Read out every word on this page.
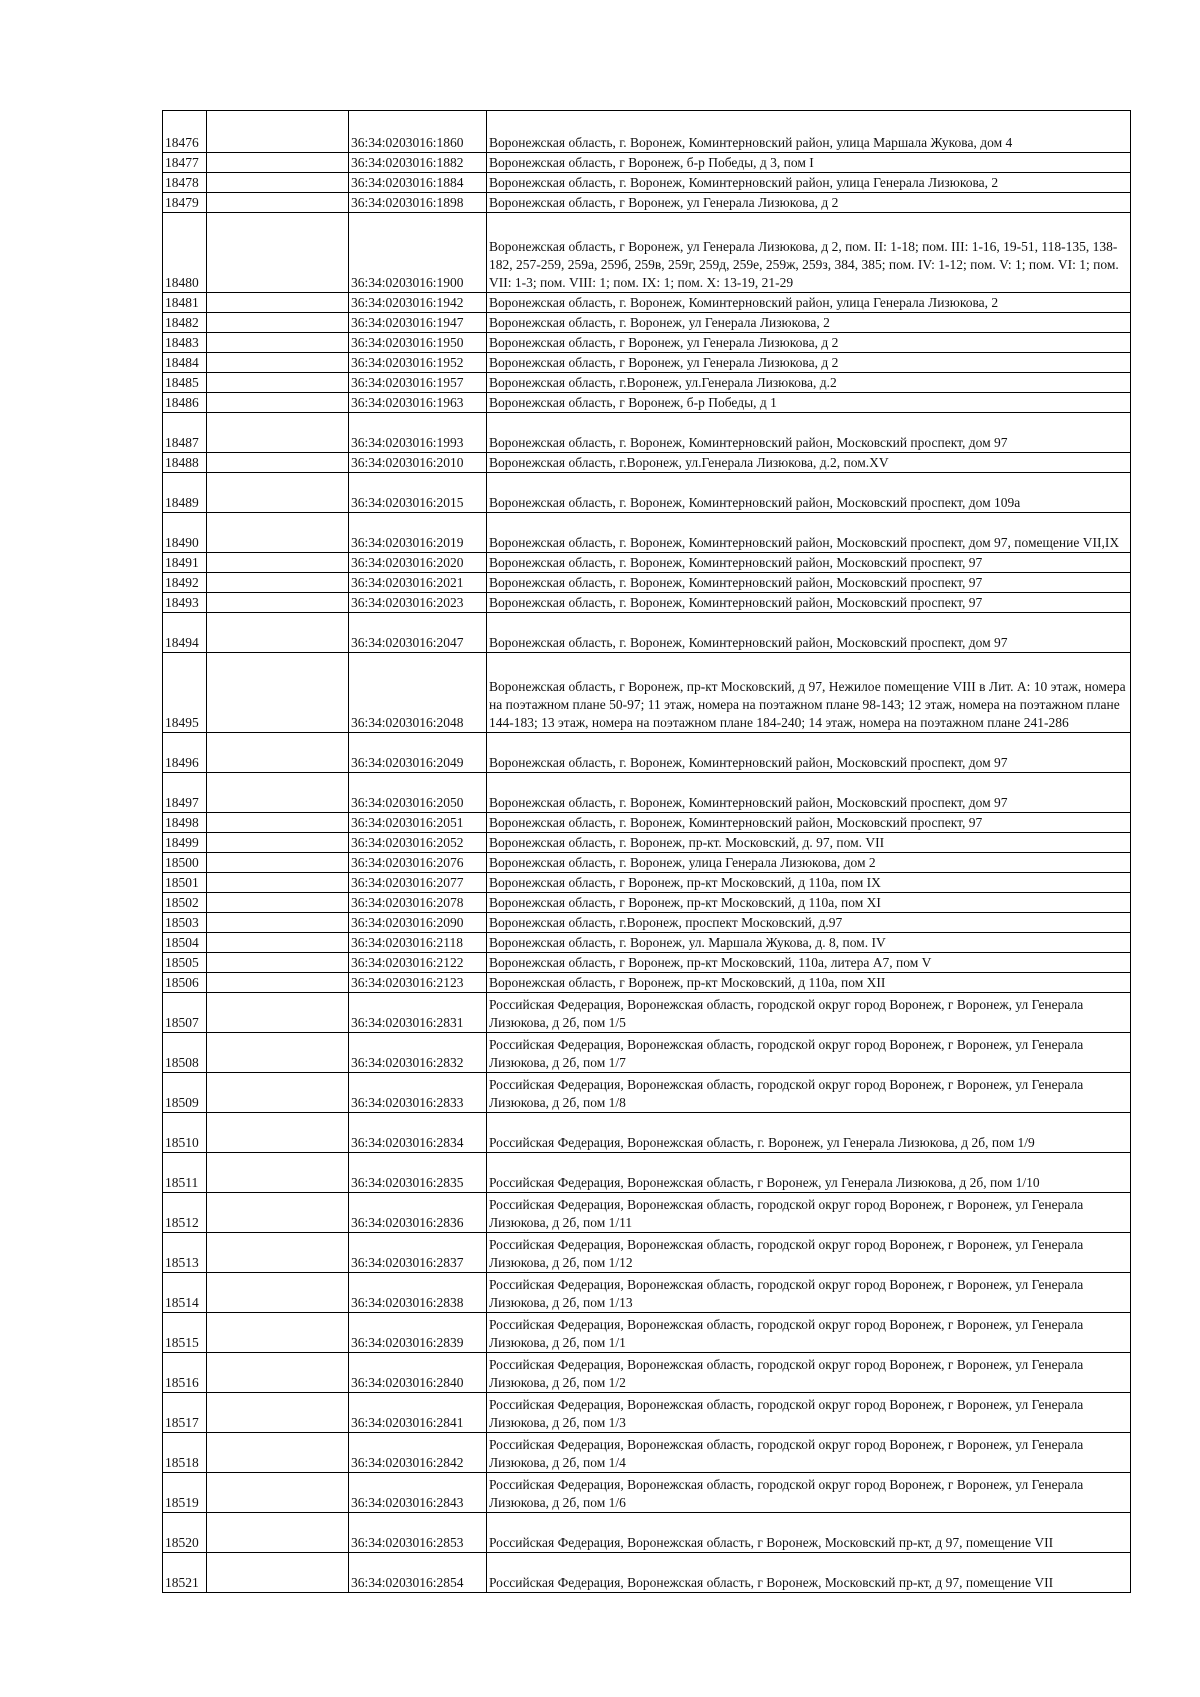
18476		36:34:0203016:1860	Воронежская область, г. Воронеж, Коминтерновский район, улица Маршала Жукова, дом 4
18477		36:34:0203016:1882	Воронежская область, г Воронеж, б-р Победы, д 3, пом I
18478		36:34:0203016:1884	Воронежская область, г. Воронеж, Коминтерновский район, улица Генерала Лизюкова, 2
18479		36:34:0203016:1898	Воронежская область, г Воронеж, ул Генерала Лизюкова, д 2
18480		36:34:0203016:1900	Воронежская область, г Воронеж, ул Генерала Лизюкова, д 2, пом. II: 1-18; пом. III: 1-16, 19-51, 118-135, 138-182, 257-259, 259а, 259б, 259в, 259г, 259д, 259е, 259ж, 259з, 384, 385; пом. IV: 1-12; пом. V: 1; пом. VI: 1; пом. VII: 1-3; пом. VIII: 1; пом. IX: 1; пом. X: 13-19, 21-29
18481		36:34:0203016:1942	Воронежская область, г. Воронеж, Коминтерновский район, улица Генерала Лизюкова, 2
18482		36:34:0203016:1947	Воронежская область, г. Воронеж, ул Генерала Лизюкова, 2
18483		36:34:0203016:1950	Воронежская область, г Воронеж, ул Генерала Лизюкова, д 2
18484		36:34:0203016:1952	Воронежская область, г Воронеж, ул Генерала Лизюкова, д 2
18485		36:34:0203016:1957	Воронежская область, г.Воронеж, ул.Генерала Лизюкова, д.2
18486		36:34:0203016:1963	Воронежская область, г Воронеж, б-р Победы, д 1
18487		36:34:0203016:1993	Воронежская область, г. Воронеж, Коминтерновский район, Московский проспект, дом 97
18488		36:34:0203016:2010	Воронежская область, г.Воронеж, ул.Генерала Лизюкова, д.2, пом.XV
18489		36:34:0203016:2015	Воронежская область, г. Воронеж, Коминтерновский район, Московский проспект, дом 109а
18490		36:34:0203016:2019	Воронежская область, г. Воронеж, Коминтерновский район, Московский проспект, дом 97, помещение VII,IX
18491		36:34:0203016:2020	Воронежская область, г. Воронеж, Коминтерновский район, Московский проспект, 97
18492		36:34:0203016:2021	Воронежская область, г. Воронеж, Коминтерновский район, Московский проспект, 97
18493		36:34:0203016:2023	Воронежская область, г. Воронеж, Коминтерновский район, Московский проспект, 97
18494		36:34:0203016:2047	Воронежская область, г. Воронеж, Коминтерновский район, Московский проспект, дом 97
18495		36:34:0203016:2048	Воронежская область, г Воронеж, пр-кт Московский, д 97, Нежилое помещение VIII в Лит. А: 10 этаж, номера на поэтажном плане 50-97; 11 этаж, номера на поэтажном плане 98-143; 12 этаж, номера на поэтажном плане 144-183; 13 этаж, номера на поэтажном плане 184-240; 14 этаж, номера на поэтажном плане 241-286
18496		36:34:0203016:2049	Воронежская область, г. Воронеж, Коминтерновский район, Московский проспект, дом 97
18497		36:34:0203016:2050	Воронежская область, г. Воронеж, Коминтерновский район, Московский проспект, дом 97
18498		36:34:0203016:2051	Воронежская область, г. Воронеж, Коминтерновский район, Московский проспект, 97
18499		36:34:0203016:2052	Воронежская область, г. Воронеж, пр-кт. Московский, д. 97, пом. VII
18500		36:34:0203016:2076	Воронежская область, г. Воронеж, улица Генерала Лизюкова, дом 2
18501		36:34:0203016:2077	Воронежская область, г Воронеж, пр-кт Московский, д 110а, пом IX
18502		36:34:0203016:2078	Воронежская область, г Воронеж, пр-кт Московский, д 110а, пом XI
18503		36:34:0203016:2090	Воронежская область, г.Воронеж, проспект Московский, д.97
18504		36:34:0203016:2118	Воронежская область, г. Воронеж, ул. Маршала Жукова, д. 8, пом. IV
18505		36:34:0203016:2122	Воронежская область, г Воронеж, пр-кт Московский, 110а, литера А7, пом V
18506		36:34:0203016:2123	Воронежская область, г Воронеж, пр-кт Московский, д 110а, пом XII
18507		36:34:0203016:2831	Российская Федерация, Воронежская область, городской округ город Воронеж, г Воронеж, ул Генерала Лизюкова, д 2б, пом 1/5
18508		36:34:0203016:2832	Российская Федерация, Воронежская область, городской округ город Воронеж, г Воронеж, ул Генерала Лизюкова, д 2б, пом 1/7
18509		36:34:0203016:2833	Российская Федерация, Воронежская область, городской округ город Воронеж, г Воронеж, ул Генерала Лизюкова, д 2б, пом 1/8
18510		36:34:0203016:2834	Российская Федерация, Воронежская область, г. Воронеж, ул Генерала Лизюкова, д 2б, пом 1/9
18511		36:34:0203016:2835	Российская Федерация, Воронежская область, г Воронеж, ул Генерала Лизюкова, д 2б, пом 1/10
18512		36:34:0203016:2836	Российская Федерация, Воронежская область, городской округ город Воронеж, г Воронеж, ул Генерала Лизюкова, д 2б, пом 1/11
18513		36:34:0203016:2837	Российская Федерация, Воронежская область, городской округ город Воронеж, г Воронеж, ул Генерала Лизюкова, д 2б, пом 1/12
18514		36:34:0203016:2838	Российская Федерация, Воронежская область, городской округ город Воронеж, г Воронеж, ул Генерала Лизюкова, д 2б, пом 1/13
18515		36:34:0203016:2839	Российская Федерация, Воронежская область, городской округ город Воронеж, г Воронеж, ул Генерала Лизюкова, д 2б, пом 1/1
18516		36:34:0203016:2840	Российская Федерация, Воронежская область, городской округ город Воронеж, г Воронеж, ул Генерала Лизюкова, д 2б, пом 1/2
18517		36:34:0203016:2841	Российская Федерация, Воронежская область, городской округ город Воронеж, г Воронеж, ул Генерала Лизюкова, д 2б, пом 1/3
18518		36:34:0203016:2842	Российская Федерация, Воронежская область, городской округ город Воронеж, г Воронеж, ул Генерала Лизюкова, д 2б, пом 1/4
18519		36:34:0203016:2843	Российская Федерация, Воронежская область, городской округ город Воронеж, г Воронеж, ул Генерала Лизюкова, д 2б, пом 1/6
18520		36:34:0203016:2853	Российская Федерация, Воронежская область, г Воронеж, Московский пр-кт, д 97, помещение VII
18521		36:34:0203016:2854	Российская Федерация, Воронежская область, г Воронеж, Московский пр-кт, д 97, помещение VII
